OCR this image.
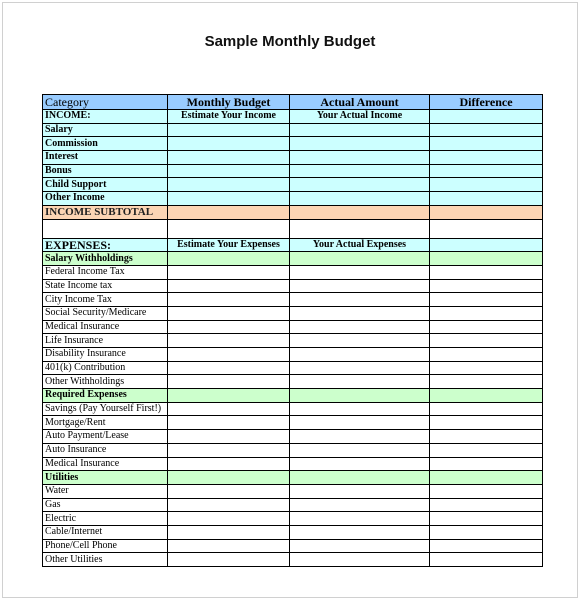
Sample Monthly Budget
Category	Monthly Budget	Actual Amount	Difference
INCOME:	Estimate Your Income	Your Actual Income	
Salary			
Commission			
Interest			
Bonus			
Child Support			
Other Income			
INCOME SUBTOTAL			

EXPENSES:	Estimate Your Expenses	Your Actual Expenses	
Salary Withholdings			
Federal Income Tax			
State Income tax			
City Income Tax			
Social Security/Medicare			
Medical Insurance			
Life Insurance			
Disability Insurance			
401(k) Contribution			
Other Withholdings			
Required Expenses			
Savings (Pay Yourself First!)			
Mortgage/Rent			
Auto Payment/Lease			
Auto Insurance			
Medical Insurance			
Utilities			
Water			
Gas			
Electric			
Cable/Internet			
Phone/Cell Phone			
Other Utilities			
